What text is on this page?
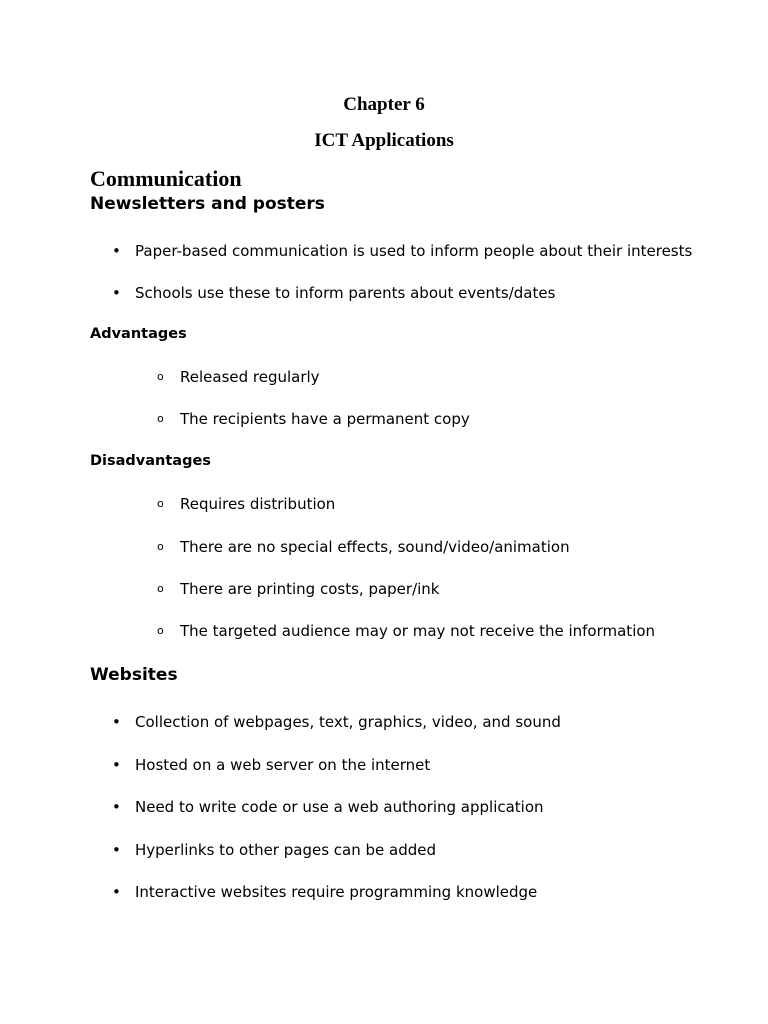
Chapter 6
ICT Applications
Communication
Newsletters and posters
• Paper-based communication is used to inform people about their interests
• Schools use these to inform parents about events/dates
Advantages
o Released regularly
o The recipients have a permanent copy
Disadvantages
o Requires distribution
o There are no special effects, sound/video/animation
o There are printing costs, paper/ink
o The targeted audience may or may not receive the information
Websites
• Collection of webpages, text, graphics, video, and sound
• Hosted on a web server on the internet
• Need to write code or use a web authoring application
• Hyperlinks to other pages can be added
• Interactive websites require programming knowledge
